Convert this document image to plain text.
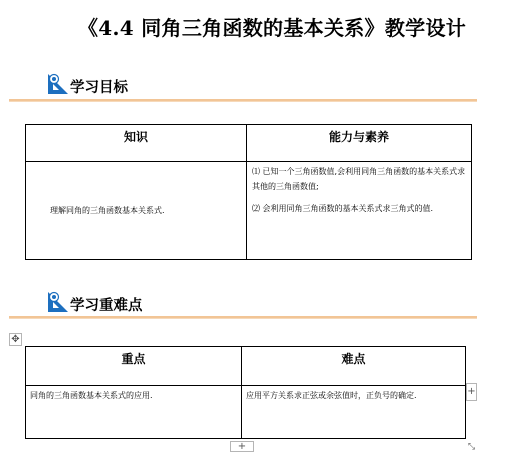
《4.4 同角三角函数的基本关系》教学设计
学习目标
知识	能力与素养
理解同角的三角函数基本关系式.	⑴ 已知一个三角函数值,会利用同角三角函数的基本关系式求其他的三角函数值;

⑵ 会利用同角三角函数的基本关系式求三角式的值.

学习重难点
✥
重点	难点
同角的三角函数基本关系式的应用.	应用平方关系求正弦或余弦值时，正负号的确定.	+
+	⤡
